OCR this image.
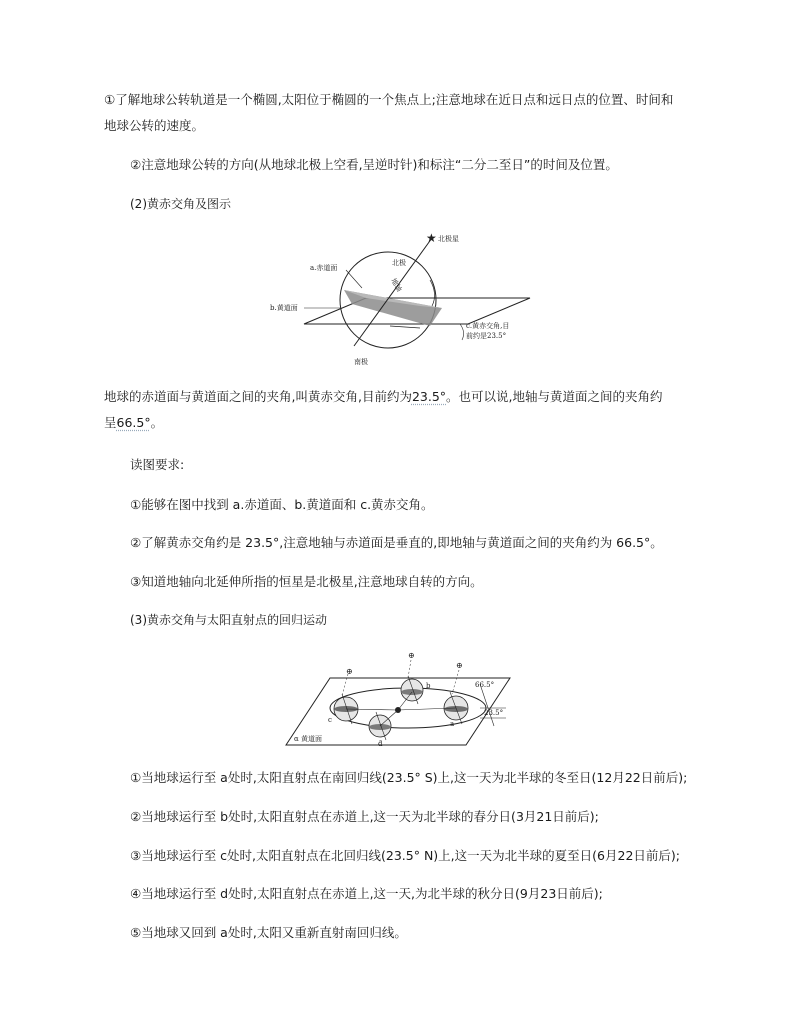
①了解地球公转轨道是一个椭圆,太阳位于椭圆的一个焦点上;注意地球在近日点和远日点的位置、时间和
地球公转的速度。
②注意地球公转的方向(从地球北极上空看,呈逆时针)和标注“二分二至日”的时间及位置。
(2)黄赤交角及图示
★ 北极星
北极
地轴
a.赤道面
b.黄道面
c.黄赤交角,目
前约是23.5°
南极
地球的赤道面与黄道面之间的夹角,叫黄赤交角,目前约为23.5°。也可以说,地轴与黄道面之间的夹角约
呈66.5°。
读图要求:
①能够在图中找到 a.赤道面、b.黄道面和 c.黄赤交角。
②了解黄赤交角约是 23.5°,注意地轴与赤道面是垂直的,即地轴与黄道面之间的夹角约为 66.5°。
③知道地轴向北延伸所指的恒星是北极星,注意地球自转的方向。
(3)黄赤交角与太阳直射点的回归运动
⊕
⊕
⊕
66.5°
23.5°
b
c	a
d
α 黄道面
①当地球运行至 a处时,太阳直射点在南回归线(23.5° S)上,这一天为北半球的冬至日(12月22日前后);
②当地球运行至 b处时,太阳直射点在赤道上,这一天为北半球的春分日(3月21日前后);
③当地球运行至 c处时,太阳直射点在北回归线(23.5° N)上,这一天为北半球的夏至日(6月22日前后);
④当地球运行至 d处时,太阳直射点在赤道上,这一天,为北半球的秋分日(9月23日前后);
⑤当地球又回到 a处时,太阳又重新直射南回归线。
